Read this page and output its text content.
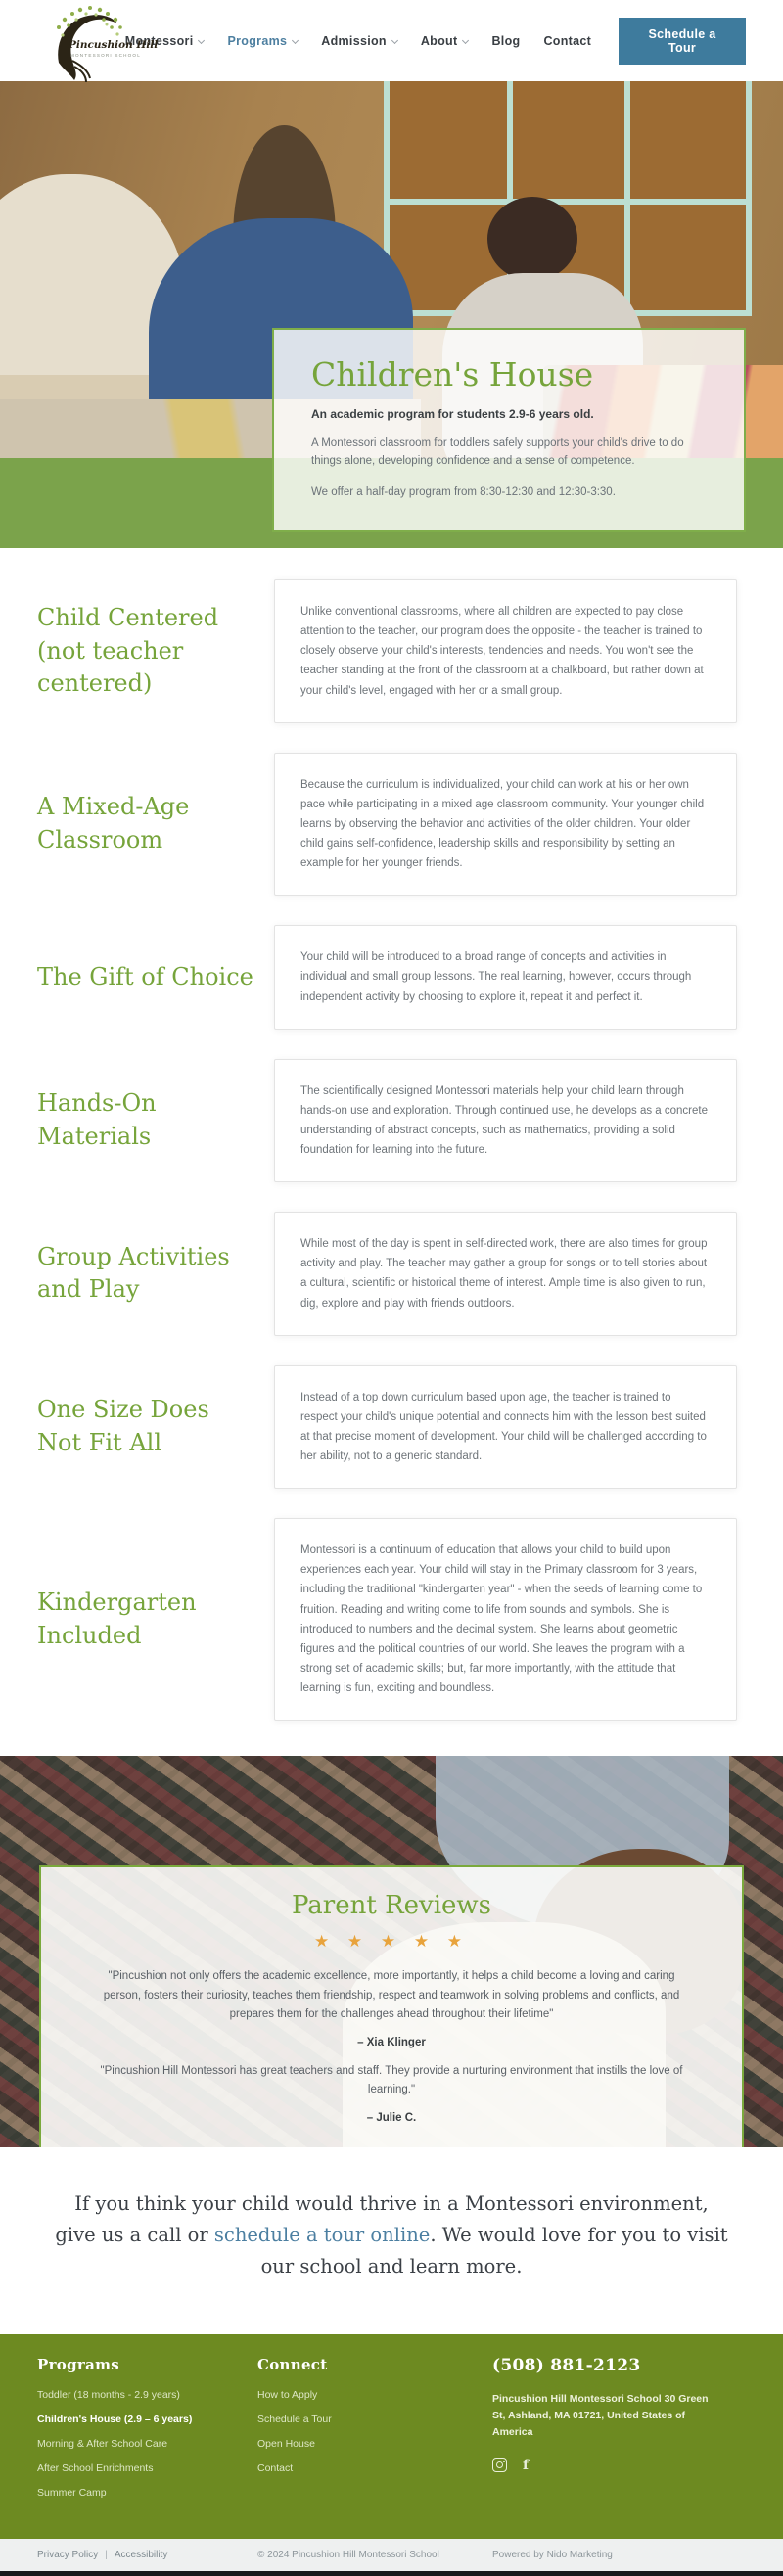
Pincushion Hill
MONTESSORI SCHOOL
Montessori	Programs	Admission	About	Blog Contact	Schedule a Tour
Children's House

An academic program for students 2.9-6 years old.

A Montessori classroom for toddlers safely supports your child's drive to do things alone, developing confidence and a sense of competence.

We offer a half-day program from 8:30-12:30 and 12:30-3:30.

Child Centered (not teacher centered)
Unlike conventional classrooms, where all children are expected to pay close attention to the teacher, our program does the opposite - the teacher is trained to closely observe your child's interests, tendencies and needs. You won't see the teacher standing at the front of the classroom at a chalkboard, but rather down at your child's level, engaged with her or a small group.
A Mixed-Age Classroom
Because the curriculum is individualized, your child can work at his or her own pace while participating in a mixed age classroom community. Your younger child learns by observing the behavior and activities of the older children. Your older child gains self-confidence, leadership skills and responsibility by setting an example for her younger friends.
The Gift of Choice
Your child will be introduced to a broad range of concepts and activities in individual and small group lessons. The real learning, however, occurs through independent activity by choosing to explore it, repeat it and perfect it.
Hands-On Materials
The scientifically designed Montessori materials help your child learn through hands-on use and exploration. Through continued use, he develops as a concrete understanding of abstract concepts, such as mathematics, providing a solid foundation for learning into the future.
Group Activities and Play
While most of the day is spent in self-directed work, there are also times for group activity and play. The teacher may gather a group for songs or to tell stories about a cultural, scientific or historical theme of interest. Ample time is also given to run, dig, explore and play with friends outdoors.
One Size Does Not Fit All
Instead of a top down curriculum based upon age, the teacher is trained to respect your child's unique potential and connects him with the lesson best suited at that precise moment of development. Your child will be challenged according to her ability, not to a generic standard.
Kindergarten Included
Montessori is a continuum of education that allows your child to build upon experiences each year. Your child will stay in the Primary classroom for 3 years, including the traditional "kindergarten year" - when the seeds of learning come to fruition. Reading and writing come to life from sounds and symbols. She is introduced to numbers and the decimal system. She learns about geometric figures and the political countries of our world. She leaves the program with a strong set of academic skills; but, far more importantly, with the attitude that learning is fun, exciting and boundless.
Parent Reviews
★ ★ ★ ★ ★

"Pincushion not only offers the academic excellence, more importantly, it helps a child become a loving and caring person, fosters their curiosity, teaches them friendship, respect and teamwork in solving problems and conflicts, and prepares them for the challenges ahead throughout their lifetime"

– Xia Klinger

"Pincushion Hill Montessori has great teachers and staff. They provide a nurturing environment that instills the love of learning."

– Julie C.

If you think your child would thrive in a Montessori environment, give us a call or schedule a tour online. We would love for you to visit our school and learn more.

Programs
Toddler (18 months - 2.9 years)
Children's House (2.9 – 6 years)
Morning & After School Care
After School Enrichments
Summer Camp
Connect
How to Apply
Schedule a Tour
Open House
Contact
(508) 881-2123

Pincushion Hill Montessori School 30 Green St, Ashland, MA 01721, United States of America

f
Privacy Policy | Accessibility	© 2024 Pincushion Hill Montessori School	Powered by Nido Marketing
